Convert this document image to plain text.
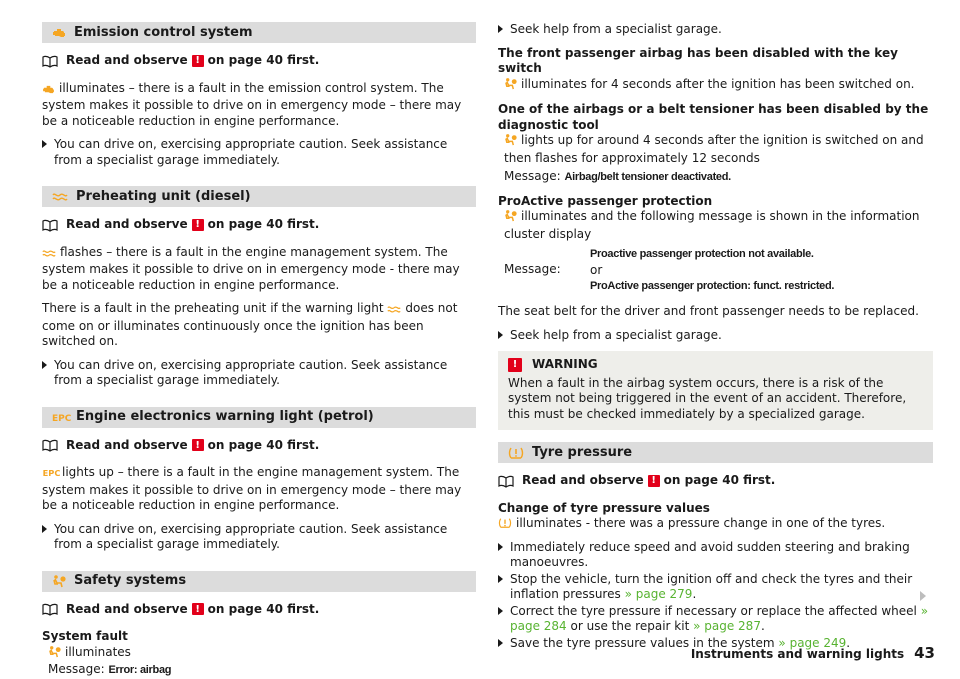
Emission control system
Read and observe ! on page 40 first.

illuminates – there is a fault in the emission control system. The system makes it possible to drive on in emergency mode – there may be a noticeable reduction in engine performance.

You can drive on, exercising appropriate caution. Seek assistance from a specialist garage immediately.
Preheating unit (diesel)
Read and observe ! on page 40 first.

flashes – there is a fault in the engine management system. The system makes it possible to drive on in emergency mode - there may be a noticeable reduction in engine performance.

There is a fault in the preheating unit if the warning light does not come on or illuminates continuously once the ignition has been switched on.

You can drive on, exercising appropriate caution. Seek assistance from a specialist garage immediately.
EPC Engine electronics warning light (petrol)
Read and observe ! on page 40 first.

EPC lights up – there is a fault in the engine management system. The system makes it possible to drive on in emergency mode – there may be a noticeable reduction in engine performance.

You can drive on, exercising appropriate caution. Seek assistance from a specialist garage immediately.
Safety systems
Read and observe ! on page 40 first.
System fault
illuminates
Message: Error: airbag
Seek help from a specialist garage.
The front passenger airbag has been disabled with the key switch

illuminates for 4 seconds after the ignition has been switched on.

One of the airbags or a belt tensioner has been disabled by the diagnostic tool
lights up for around 4 seconds after the ignition is switched on and then flashes for approximately 12 seconds

Message: Airbag/belt tensioner deactivated.

ProActive passenger protection
illuminates and the following message is shown in the information cluster display
Message:
Proactive passenger protection not available.
or
ProActive passenger protection: funct. restricted.

The seat belt for the driver and front passenger needs to be replaced.

Seek help from a specialist garage.
!	WARNING
When a fault in the airbag system occurs, there is a risk of the system not being triggered in the event of an accident. Therefore, this must be checked immediately by a specialized garage.
Tyre pressure
Read and observe ! on page 40 first.
Change of tyre pressure values

illuminates - there was a pressure change in one of the tyres.

Immediately reduce speed and avoid sudden steering and braking manoeuvres.
Stop the vehicle, turn the ignition off and check the tyres and their inflation pressures » page 279.
Correct the tyre pressure if necessary or replace the affected wheel » page 284 or use the repair kit » page 287.
Save the tyre pressure values in the system » page 249.
Instruments and warning lights 43
